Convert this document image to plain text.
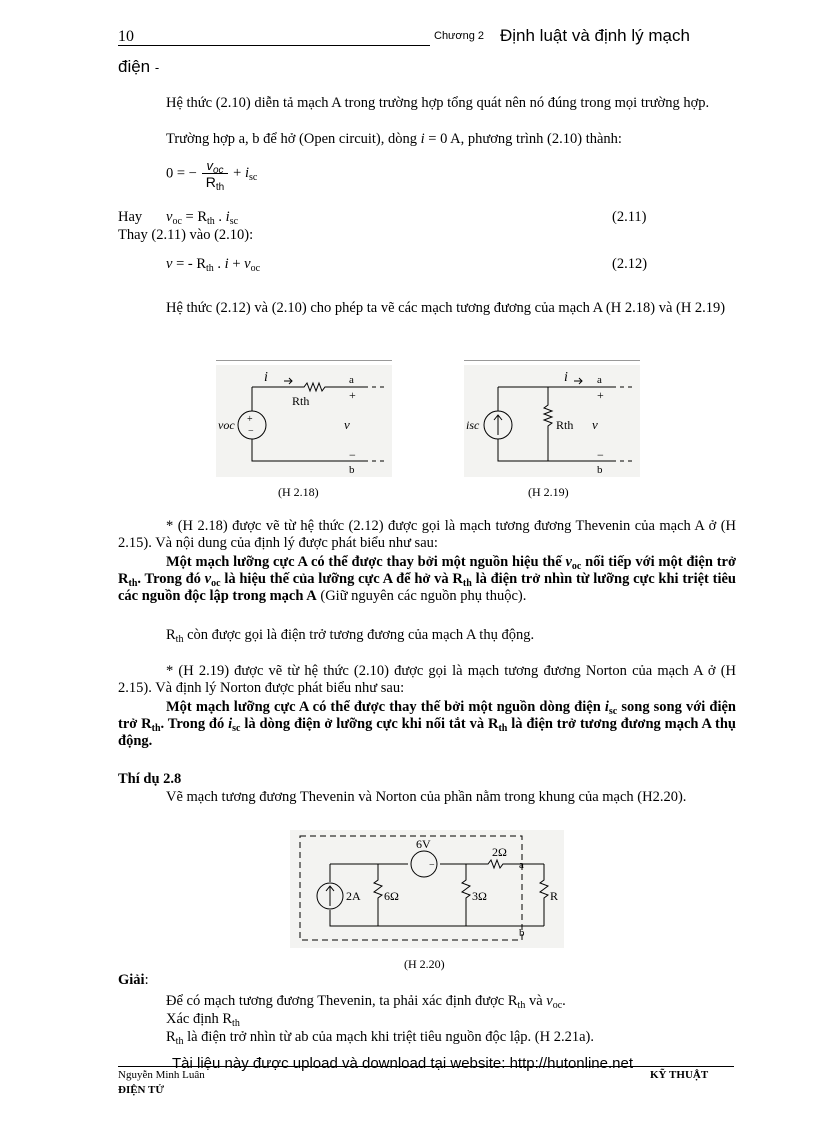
10	Chương 2 Định luật và định lý mạch
điện -
Hệ thức (2.10) diễn tả mạch A trong trường hợp tổng quát nên nó đúng trong mọi trường hợp.
Trường hợp a, b để hở (Open circuit), dòng i = 0 A, phương trình (2.10) thành:
0 = − $\frac{v_{oc}}{R_{th}} + i_{sc}$
Hay $v_{oc} = R_{th}$ . $i_{sc}$	(2.11)
Thay (2.11) vào (2.10):
v = - $R_{th}$ . $i + v_{oc}$	(2.12)
Hệ thức (2.12) và (2.10) cho phép ta vẽ các mạch tương đương của mạch A (H 2.18) và (H 2.19)
i
Rth
a
+
−
b
v
+
−
voc
(H 2.18)
i
Rth
a
+
−
b
v
isc
(H 2.19)
* (H 2.18) được vẽ từ hệ thức (2.12) được gọi là mạch tương đương Thevenin của mạch A ở (H 2.15). Và nội dung của định lý được phát biểu như sau:
Một mạch lưỡng cực A có thể được thay bởi một nguồn hiệu thế $v_{oc}$ nối tiếp với một điện trở $R_{th}$. Trong đó $v_{oc}$ là hiệu thế của lưỡng cực A để hở và $R_{th}$ là điện trở nhìn từ lưỡng cực khi triệt tiêu các nguồn độc lập trong mạch A (Giữ nguyên các nguồn phụ thuộc).
$R_{th}$ còn được gọi là điện trở tương đương của mạch A thụ động.
* (H 2.19) được vẽ từ hệ thức (2.10) được gọi là mạch tương đương Norton của mạch A ở (H 2.15). Và định lý Norton được phát biểu như sau:
Một mạch lưỡng cực A có thể được thay thế bởi một nguồn dòng điện $i_{sc}$ song song với điện trở $R_{th}$. Trong đó $i_{sc}$ là dòng điện ở lưỡng cực khi nối tắt và $R_{th}$ là điện trở tương đương mạch A thụ động.
Thí dụ 2.8
Vẽ mạch tương đương Thevenin và Norton của phần nằm trong khung của mạch (H2.20).
−
6V
2Ω
a
b
2A 6Ω	3Ω	R
(H 2.20)
Giải:
Để có mạch tương đương Thevenin, ta phải xác định được $R_{th}$ và $v_{oc}$.
Xác định $R_{th}$
$R_{th}$ là điện trở nhìn từ ab của mạch khi triệt tiêu nguồn độc lập. (H 2.21a).
Tài liệu này được upload và download tại website: http://hutonline.net
Nguyễn Minh Luân	KỸ THUẬT
ĐIỆN TỬ
